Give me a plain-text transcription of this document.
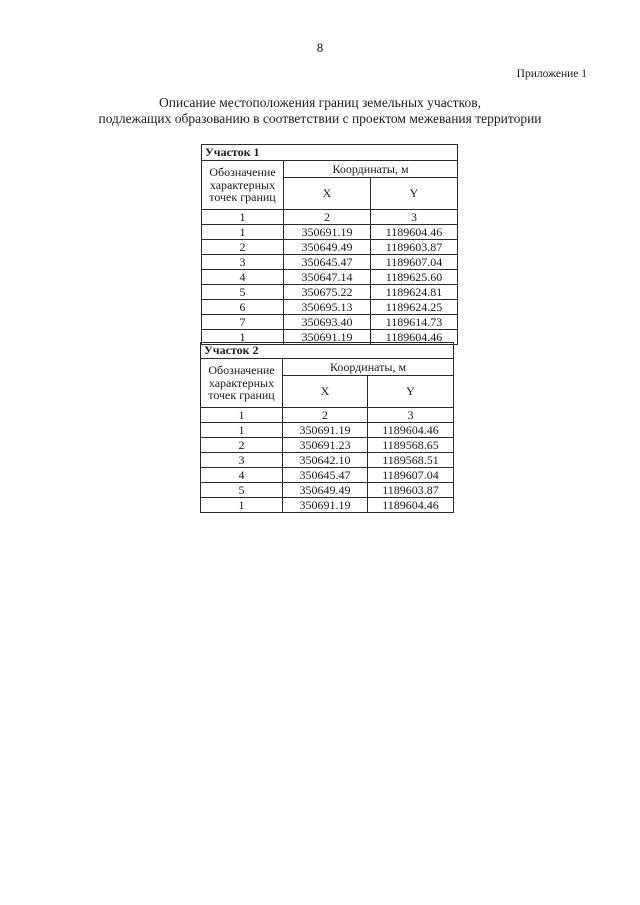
8
Приложение 1
Описание местоположения границ земельных участков,
подлежащих образованию в соответствии с проектом межевания территории
Участок 1		

Обозначение
характерных
точек границ	Координаты, м	
	X	Y
1	2	3
1	350691.19	1189604.46
2	350649.49	1189603.87
3	350645.47	1189607.04
4	350647.14	1189625.60
5	350675.22	1189624.81
6	350695.13	1189624.25
7	350693.40	1189614.73
1	350691.19	1189604.46
Участок 2		

Обозначение
характерных
точек границ	Координаты, м	
	X	Y
1	2	3
1	350691.19	1189604.46
2	350691.23	1189568.65
3	350642.10	1189568.51
4	350645.47	1189607.04
5	350649.49	1189603.87
1	350691.19	1189604.46
